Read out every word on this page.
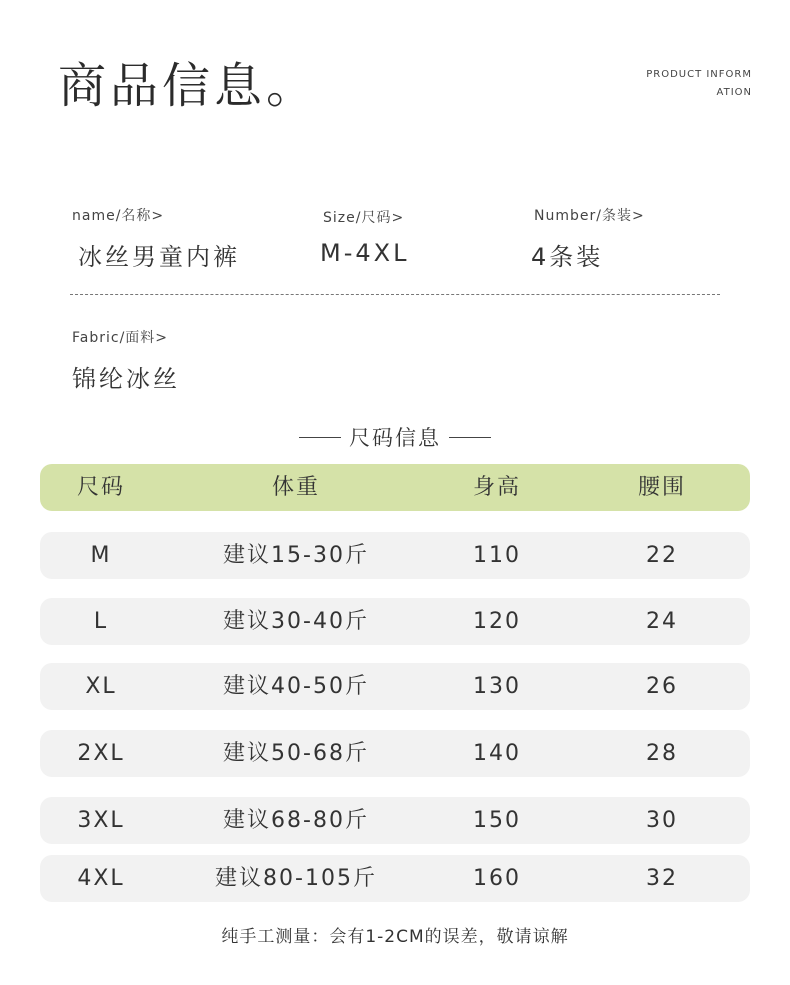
商品信息。	PRODUCT INFORMATION
name/名称>
冰丝男童内裤
Size/尺码>
M-4XL
Number/条装>
4条装
Fabric/面料>
锦纶冰丝
尺码信息
尺码	体重	身高	腰围
M	建议15-30斤	110	22
L	建议30-40斤	120	24
XL	建议40-50斤	130	26
2XL	建议50-68斤	140	28
3XL	建议68-80斤	150	30
4XL	建议80-105斤	160	32
纯手工测量：会有1-2CM的误差，敬请谅解
